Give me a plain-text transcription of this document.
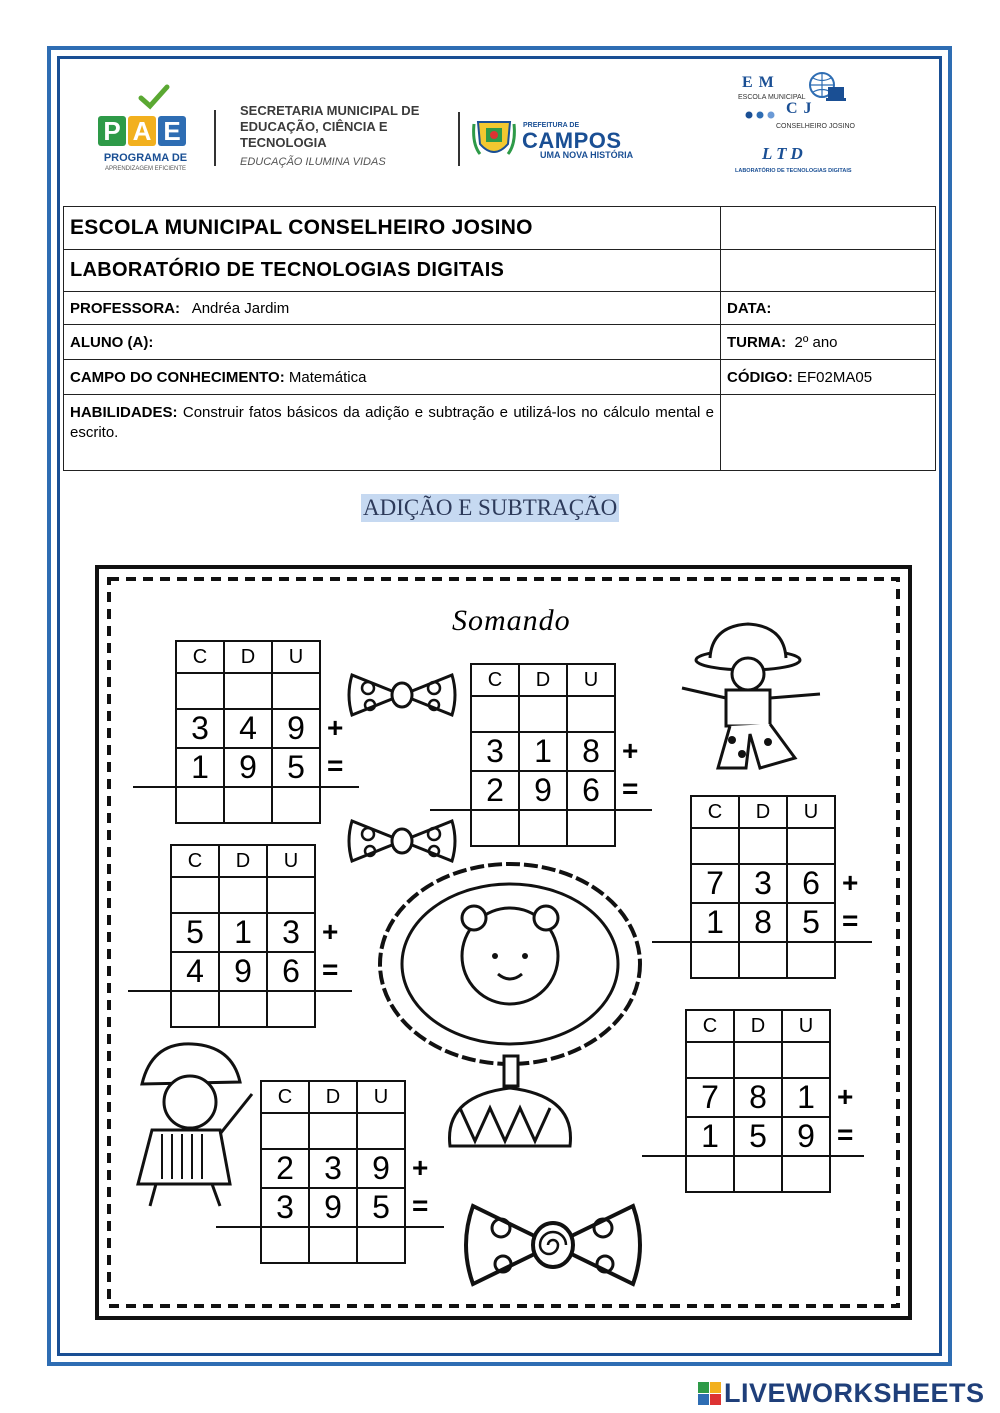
P A E
PROGRAMA DE
APRENDIZAGEM EFICIENTE
SECRETARIA MUNICIPAL DE EDUCAÇÃO, CIÊNCIA E TECNOLOGIA
EDUCAÇÃO ILUMINA VIDAS
PREFEITURA DE
CAMPOS
UMA NOVA HISTÓRIA
EM
ESCOLA MUNICIPAL
CJ
CONSELHEIRO JOSINO
LTD
LABORATÓRIO DE TECNOLOGIAS DIGITAIS
ESCOLA MUNICIPAL CONSELHEIRO JOSINO	
LABORATÓRIO DE TECNOLOGIAS DIGITAIS	
PROFESSORA: Andréa Jardim	DATA:
ALUNO (A):	TURMA: 2º ano
CAMPO DO CONHECIMENTO: Matemática	CÓDIGO: EF02MA05

HABILIDADES: Construir fatos básicos da adição e subtração e utilizá-los no cálculo mental e escrito.	

ADIÇÃO E SUBTRAÇÃO
Somando
C	D	U

3	4	9
1	9	5

+
=
C	D	U

3	1	8
2	9	6

+
=
C	D	U

7	3	6
1	8	5

+
=
C	D	U

5	1	3
4	9	6

+
=
C	D	U

7	8	1
1	5	9

+
=
C	D	U

2	3	9
3	9	5

+
=
LIVEWORKSHEETS
